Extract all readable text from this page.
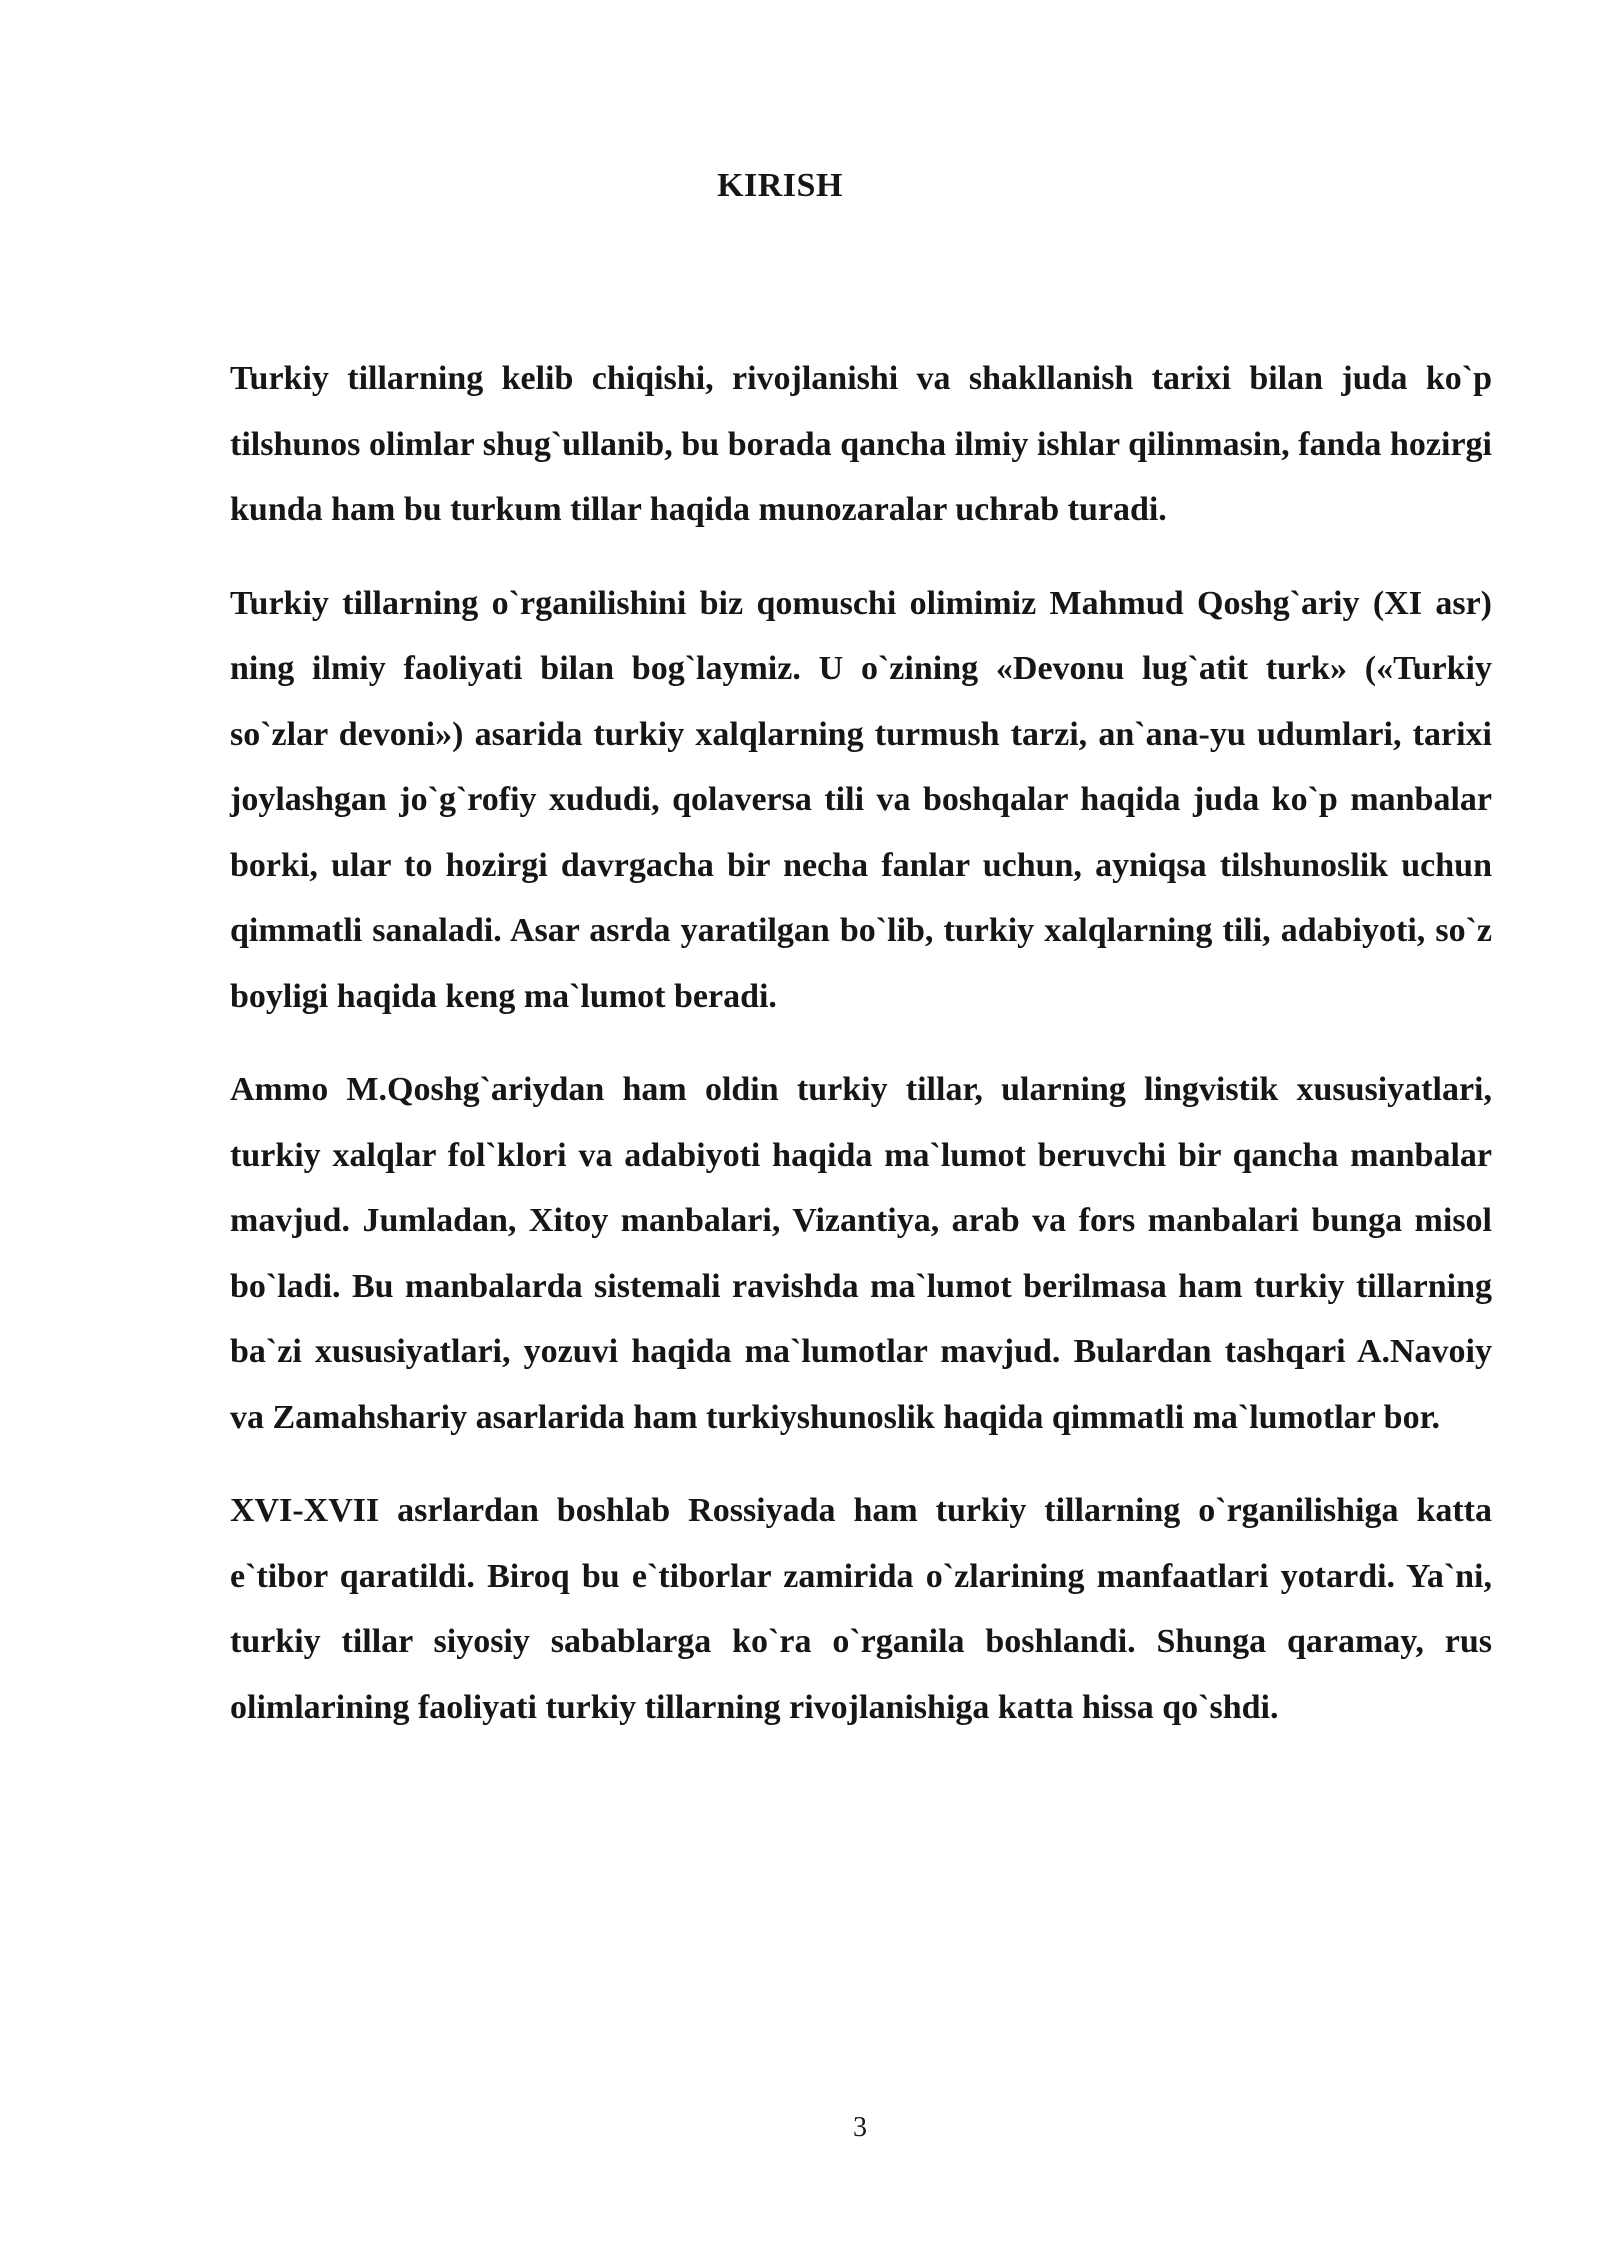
KIRISH

Turkiy tillarning kelib chiqishi, rivojlanishi va shakllanish tarixi bilan juda ko`p tilshunos olimlar shug`ullanib, bu borada qancha ilmiy ishlar qilinmasin, fanda hozirgi kunda ham bu turkum tillar haqida munozaralar uchrab turadi.

Turkiy tillarning o`rganilishini biz qomuschi olimimiz Mahmud Qoshg`ariy (XI asr) ning ilmiy faoliyati bilan bog`laymiz. U o`zining «Devonu lug`atit turk» («Turkiy so`zlar devoni») asarida turkiy xalqlarning turmush tarzi, an`ana-yu udumlari, tarixi joylashgan jo`g`rofiy xududi, qolaversa tili va boshqalar haqida juda ko`p manbalar borki, ular to hozirgi davrgacha bir necha fanlar uchun, ayniqsa tilshunoslik uchun qimmatli sanaladi. Asar asrda yaratilgan bo`lib, turkiy xalqlarning tili, adabiyoti, so`z boyligi haqida keng ma`lumot beradi.

Ammo M.Qoshg`ariydan ham oldin turkiy tillar, ularning lingvistik xususiyatlari, turkiy xalqlar fol`klori va adabiyoti haqida ma`lumot beruvchi bir qancha manbalar mavjud. Jumladan, Xitoy manbalari, Vizantiya, arab va fors manbalari bunga misol bo`ladi. Bu manbalarda sistemali ravishda ma`lumot berilmasa ham turkiy tillarning ba`zi xususiyatlari, yozuvi haqida ma`lumotlar mavjud. Bulardan tashqari A.Navoiy va Zamahshariy asarlarida ham turkiyshunoslik haqida qimmatli ma`lumotlar bor.

XVI-XVII asrlardan boshlab Rossiyada ham turkiy tillarning o`rganilishiga katta e`tibor qaratildi. Biroq bu e`tiborlar zamirida o`zlarining manfaatlari yotardi. Ya`ni, turkiy tillar siyosiy sabablarga ko`ra o`rganila boshlandi. Shunga qaramay, rus olimlarining faoliyati turkiy tillarning rivojlanishiga katta hissa qo`shdi.

3
